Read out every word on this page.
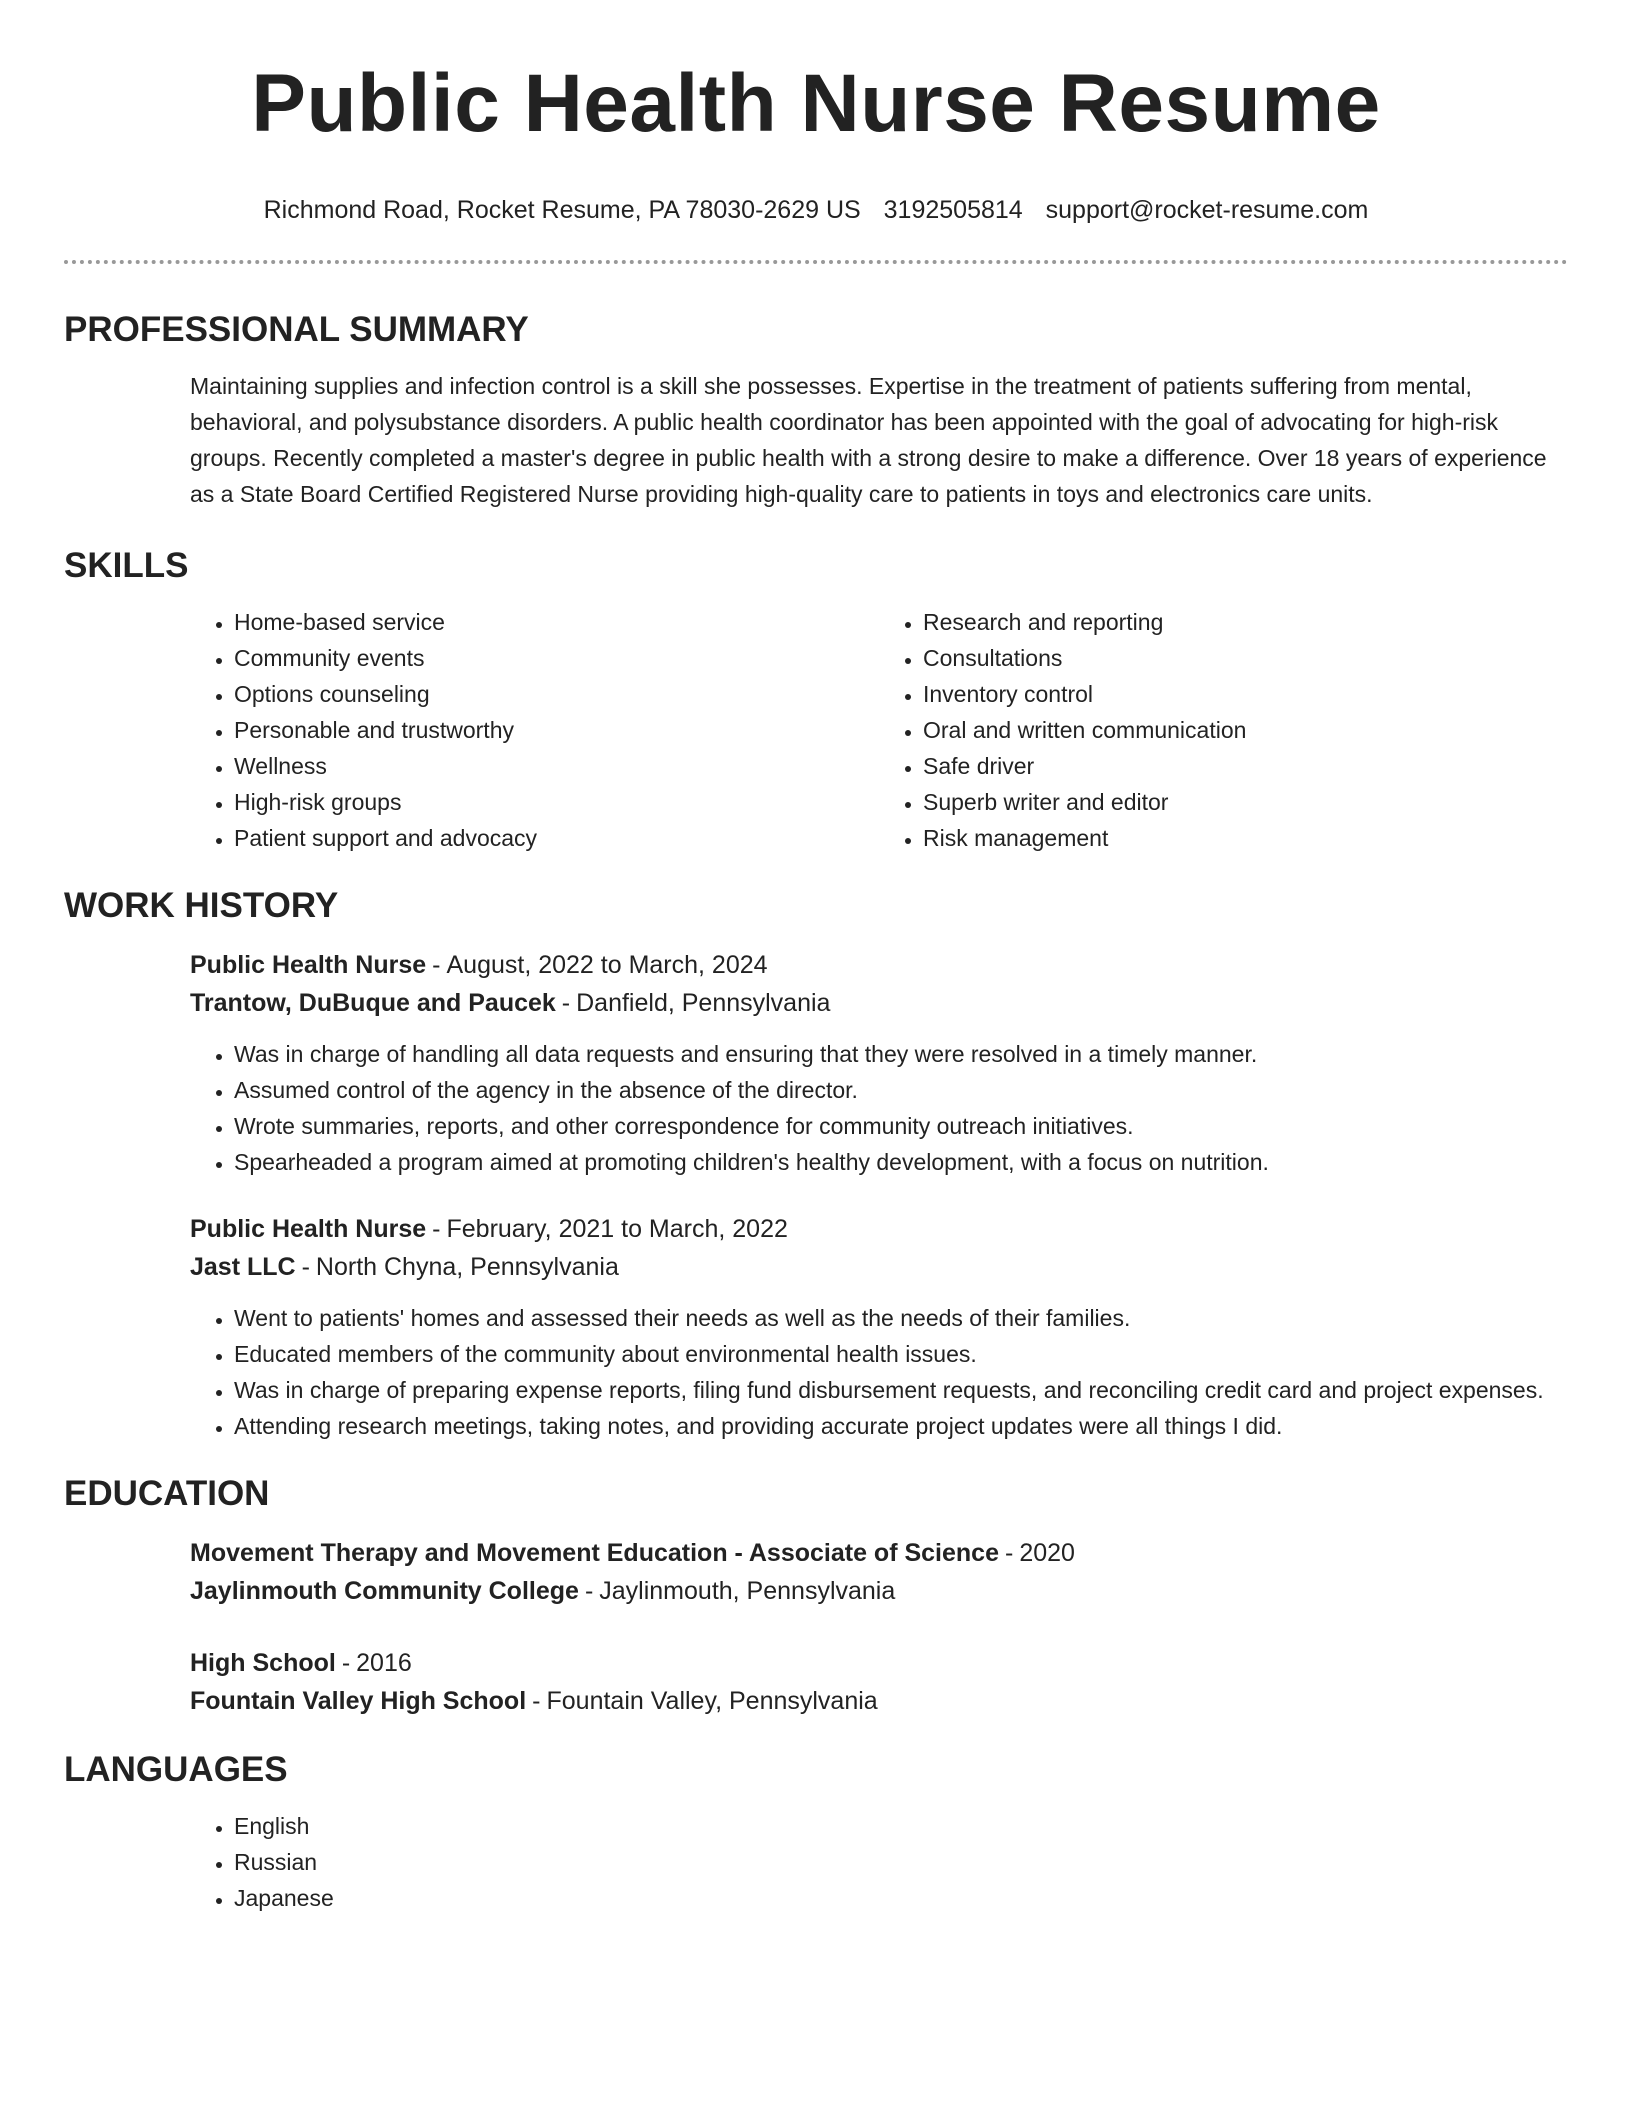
Public Health Nurse Resume
Richmond Road, Rocket Resume, PA 78030-2629 US 3192505814 support@rocket-resume.com
PROFESSIONAL SUMMARY

Maintaining supplies and infection control is a skill she possesses. Expertise in the treatment of patients suffering from mental, behavioral, and polysubstance disorders. A public health coordinator has been appointed with the goal of advocating for high-risk groups. Recently completed a master's degree in public health with a strong desire to make a difference. Over 18 years of experience as a State Board Certified Registered Nurse providing high-quality care to patients in toys and electronics care units.

SKILLS
• Home-based service
• Community events
• Options counseling
• Personable and trustworthy
• Wellness
• High-risk groups
• Patient support and advocacy
• Research and reporting
• Consultations
• Inventory control
• Oral and written communication
• Safe driver
• Superb writer and editor
• Risk management
WORK HISTORY
Public Health Nurse - August, 2022 to March, 2024
Trantow, DuBuque and Paucek - Danfield, Pennsylvania
• Was in charge of handling all data requests and ensuring that they were resolved in a timely manner.
• Assumed control of the agency in the absence of the director.
• Wrote summaries, reports, and other correspondence for community outreach initiatives.
• Spearheaded a program aimed at promoting children's healthy development, with a focus on nutrition.
Public Health Nurse - February, 2021 to March, 2022
Jast LLC - North Chyna, Pennsylvania
• Went to patients' homes and assessed their needs as well as the needs of their families.
• Educated members of the community about environmental health issues.
• Was in charge of preparing expense reports, filing fund disbursement requests, and reconciling credit card and project expenses.
• Attending research meetings, taking notes, and providing accurate project updates were all things I did.
EDUCATION
Movement Therapy and Movement Education - Associate of Science - 2020
Jaylinmouth Community College - Jaylinmouth, Pennsylvania
High School - 2016
Fountain Valley High School - Fountain Valley, Pennsylvania
LANGUAGES
• English
• Russian
• Japanese
